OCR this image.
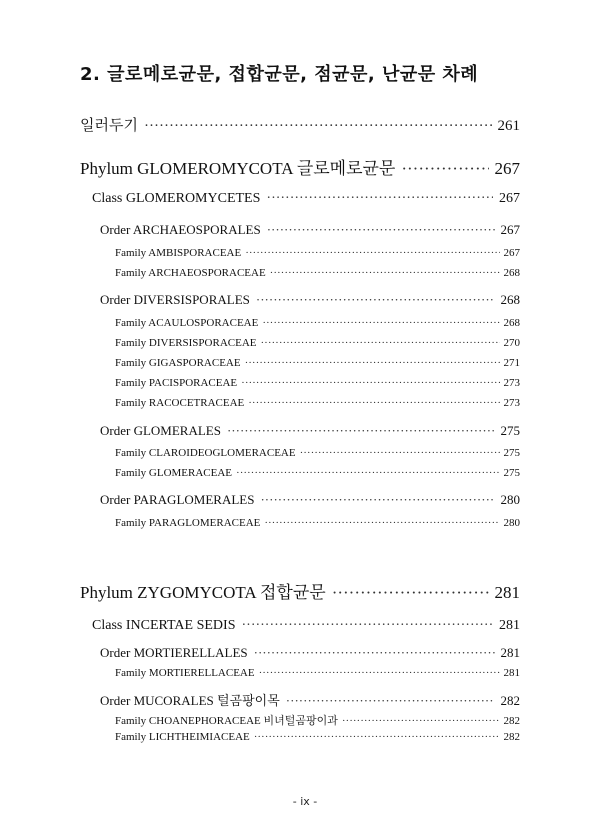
2. 글로메로균문, 접합균문, 점균문, 난균문 차례
일러두기 ·····	261
Phylum GLOMEROMYCOTA 글로메로균문 ·····	267
Class GLOMEROMYCETES ·····	267
Order ARCHAEOSPORALES ·····	267
Family AMBISPORACEAE ·····	267
Family ARCHAEOSPORACEAE ·····	268
Order DIVERSISPORALES ·····	268
Family ACAULOSPORACEAE ·····	268
Family DIVERSISPORACEAE ·····	270
Family GIGASPORACEAE ·····	271
Family PACISPORACEAE ·····	273
Family RACOCETRACEAE ·····	273
Order GLOMERALES ·····	275
Family CLAROIDEOGLOMERACEAE ·····	275
Family GLOMERACEAE ·····	275
Order PARAGLOMERALES ·····	280
Family PARAGLOMERACEAE ·····	280
Phylum ZYGOMYCOTA 접합균문 ·····	281
Class INCERTAE SEDIS ·····	281
Order MORTIERELLALES ·····	281
Family MORTIERELLACEAE ·····	281
Order MUCORALES 털곰팡이목 ·····	282
Family CHOANEPHORACEAE 비녀털곰팡이과 ·····	282
Family LICHTHEIMIACEAE ·····	282
- ix -
